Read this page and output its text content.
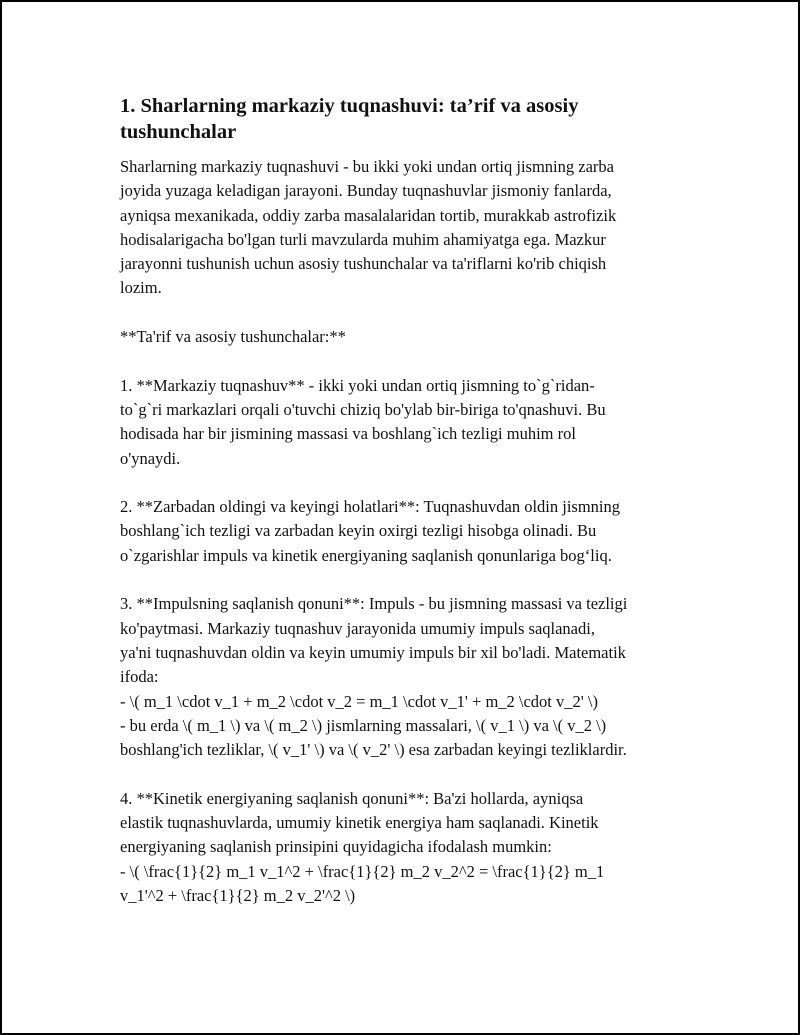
1. Sharlarning markaziy tuqnashuvi: ta’rif va asosiy tushunchalar

Sharlarning markaziy tuqnashuvi - bu ikki yoki undan ortiq jismning zarba
joyida yuzaga keladigan jarayoni. Bunday tuqnashuvlar jismoniy fanlarda,
ayniqsa mexanikada, oddiy zarba masalalaridan tortib, murakkab astrofizik
hodisalarigacha bo'lgan turli mavzularda muhim ahamiyatga ega. Mazkur
jarayonni tushunish uchun asosiy tushunchalar va ta'riflarni ko'rib chiqish
lozim.

**Ta'rif va asosiy tushunchalar:**

1. **Markaziy tuqnashuv** - ikki yoki undan ortiq jismning to`g`ridan-
to`g`ri markazlari orqali o'tuvchi chiziq bo'ylab bir-biriga to'qnashuvi. Bu
hodisada har bir jismining massasi va boshlang`ich tezligi muhim rol
o'ynaydi.

2. **Zarbadan oldingi va keyingi holatlari**: Tuqnashuvdan oldin jismning
boshlang`ich tezligi va zarbadan keyin oxirgi tezligi hisobga olinadi. Bu
o`zgarishlar impuls va kinetik energiyaning saqlanish qonunlariga bog‘liq.

3. **Impulsning saqlanish qonuni**: Impuls - bu jismning massasi va tezligi
ko'paytmasi. Markaziy tuqnashuv jarayonida umumiy impuls saqlanadi,
ya'ni tuqnashuvdan oldin va keyin umumiy impuls bir xil bo'ladi. Matematik
ifoda:
- \( m_1 \cdot v_1 + m_2 \cdot v_2 = m_1 \cdot v_1' + m_2 \cdot v_2' \)
- bu erda \( m_1 \) va \( m_2 \) jismlarning massalari, \( v_1 \) va \( v_2 \)
boshlang'ich tezliklar, \( v_1' \) va \( v_2' \) esa zarbadan keyingi tezliklardir.

4. **Kinetik energiyaning saqlanish qonuni**: Ba'zi hollarda, ayniqsa
elastik tuqnashuvlarda, umumiy kinetik energiya ham saqlanadi. Kinetik
energiyaning saqlanish prinsipini quyidagicha ifodalash mumkin:
- \( \frac{1}{2} m_1 v_1^2 + \frac{1}{2} m_2 v_2^2 = \frac{1}{2} m_1
v_1'^2 + \frac{1}{2} m_2 v_2'^2 \)
